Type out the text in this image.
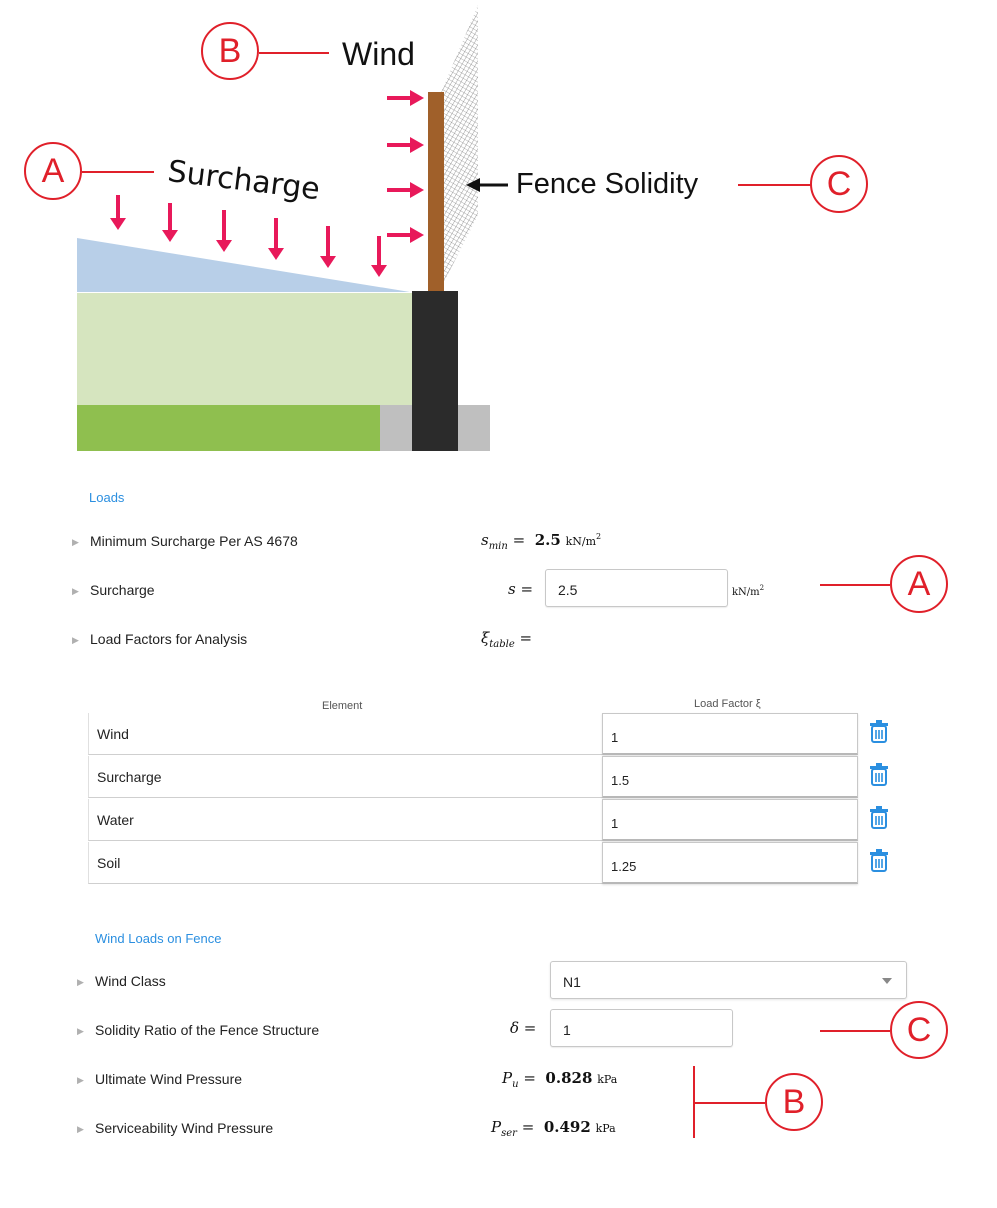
B	Wind
A	Surcharge	Fence Solidity	C
Loads
▶ Minimum Surcharge Per AS 4678	$s_{min} = 2.5$ $kN/m^2$
▶ Surcharge	s =	2.5	$kN/m^2$
▶ Load Factors for Analysis	$\xi_{table}$ =
Element	Load Factor ξ
Wind	1
Surcharge	1.5
Water	1
Soil	1.25
Wind Loads on Fence
▶ Wind Class	N1
▶ Solidity Ratio of the Fence Structure	δ =	1
▶ Ultimate Wind Pressure	$P_u = 0.828$ kPa
▶ Serviceability Wind Pressure	$P_{ser} = 0.492$ kPa
A
C
B
